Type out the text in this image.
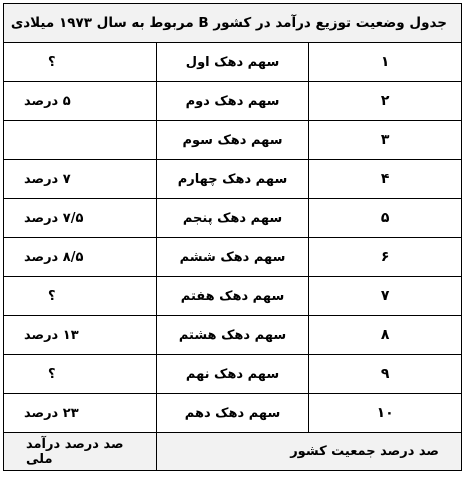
جدول وضعیت توزیع درآمد در کشور B مربوط به سال ۱۹۷۳ میلادی		
۱	سهم دهک اول	؟
۲	سهم دهک دوم	۵ درصد
۳	سهم دهک سوم	
۴	سهم دهک چهارم	۷ درصد
۵	سهم دهک پنجم	۷/۵ درصد
۶	سهم دهک ششم	۸/۵ درصد
۷	سهم دهک هفتم	؟
۸	سهم دهک هشتم	۱۳ درصد
۹	سهم دهک نهم	؟
۱۰	سهم دهک دهم	۲۳ درصد
صد درصد جمعیت کشور		صد درصد درآمد ملی
